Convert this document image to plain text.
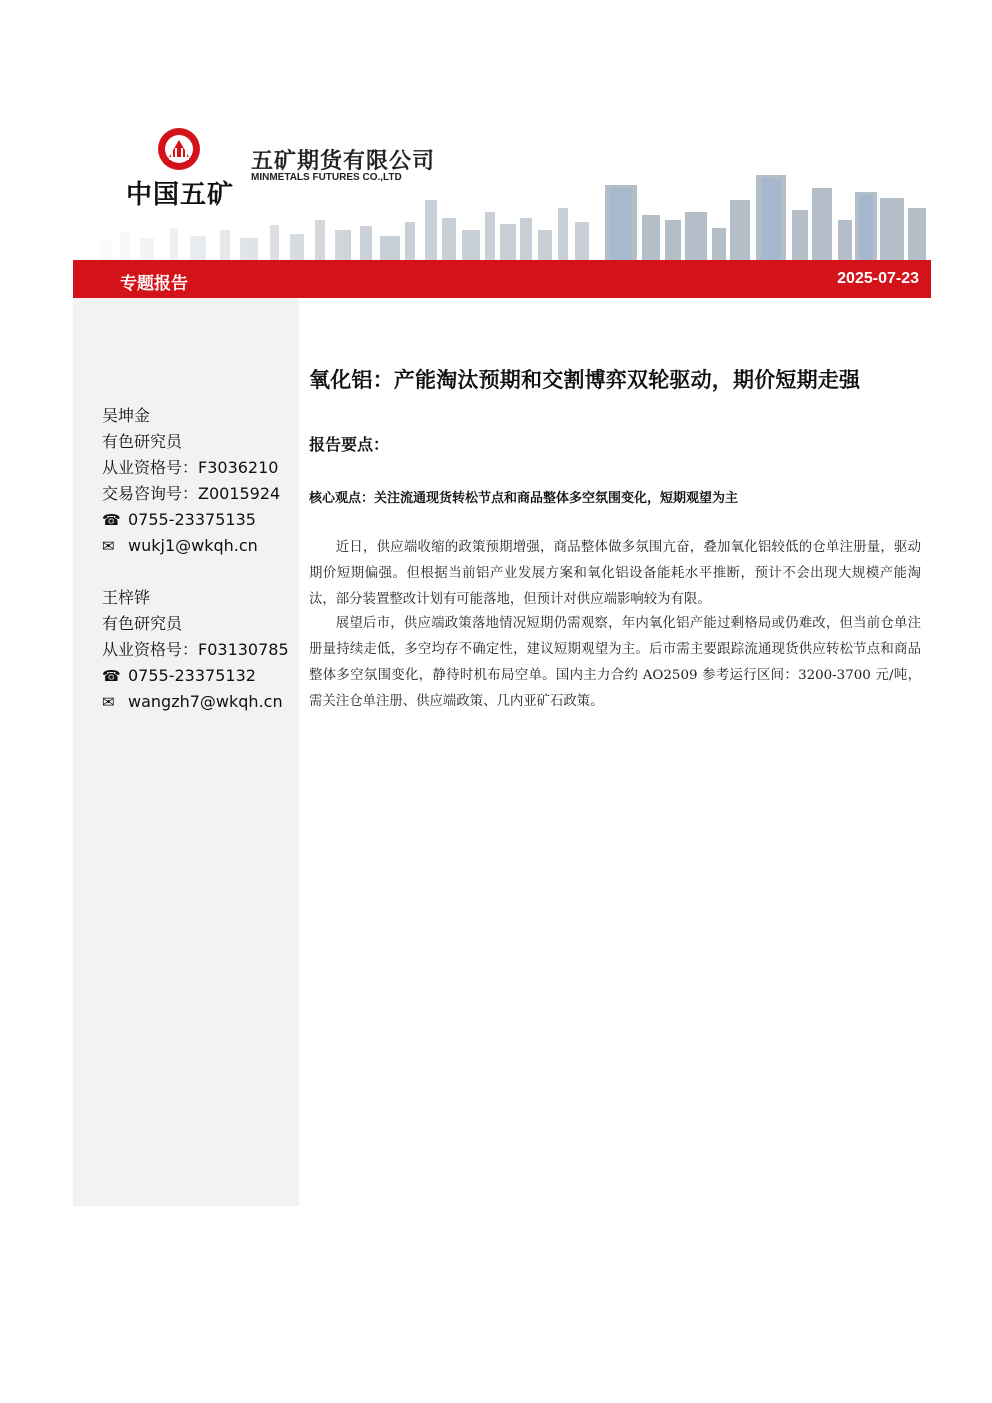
中国五矿
五矿期货有限公司
MINMETALS FUTURES CO.,LTD
专题报告	2025-07-23
吴坤金
有色研究员
从业资格号：F3036210
交易咨询号：Z0015924
☎ 0755-23375135
✉ wukj1@wkqh.cn
王梓铧
有色研究员
从业资格号：F03130785
☎ 0755-23375132
✉ wangzh7@wkqh.cn
氧化铝：产能淘汰预期和交割博弈双轮驱动，期价短期走强
报告要点：
核心观点：关注流通现货转松节点和商品整体多空氛围变化，短期观望为主
近日，供应端收缩的政策预期增强，商品整体做多氛围亢奋，叠加氧化铝较低的仓单注册量，驱动期价短期偏强。但根据当前铝产业发展方案和氧化铝设备能耗水平推断，预计不会出现大规模产能淘汰，部分装置整改计划有可能落地，但预计对供应端影响较为有限。
展望后市，供应端政策落地情况短期仍需观察，年内氧化铝产能过剩格局或仍难改，但当前仓单注册量持续走低，多空均存不确定性，建议短期观望为主。后市需主要跟踪流通现货供应转松节点和商品整体多空氛围变化，静待时机布局空单。国内主力合约 AO2509 参考运行区间：3200-3700 元/吨，需关注仓单注册、供应端政策、几内亚矿石政策。
